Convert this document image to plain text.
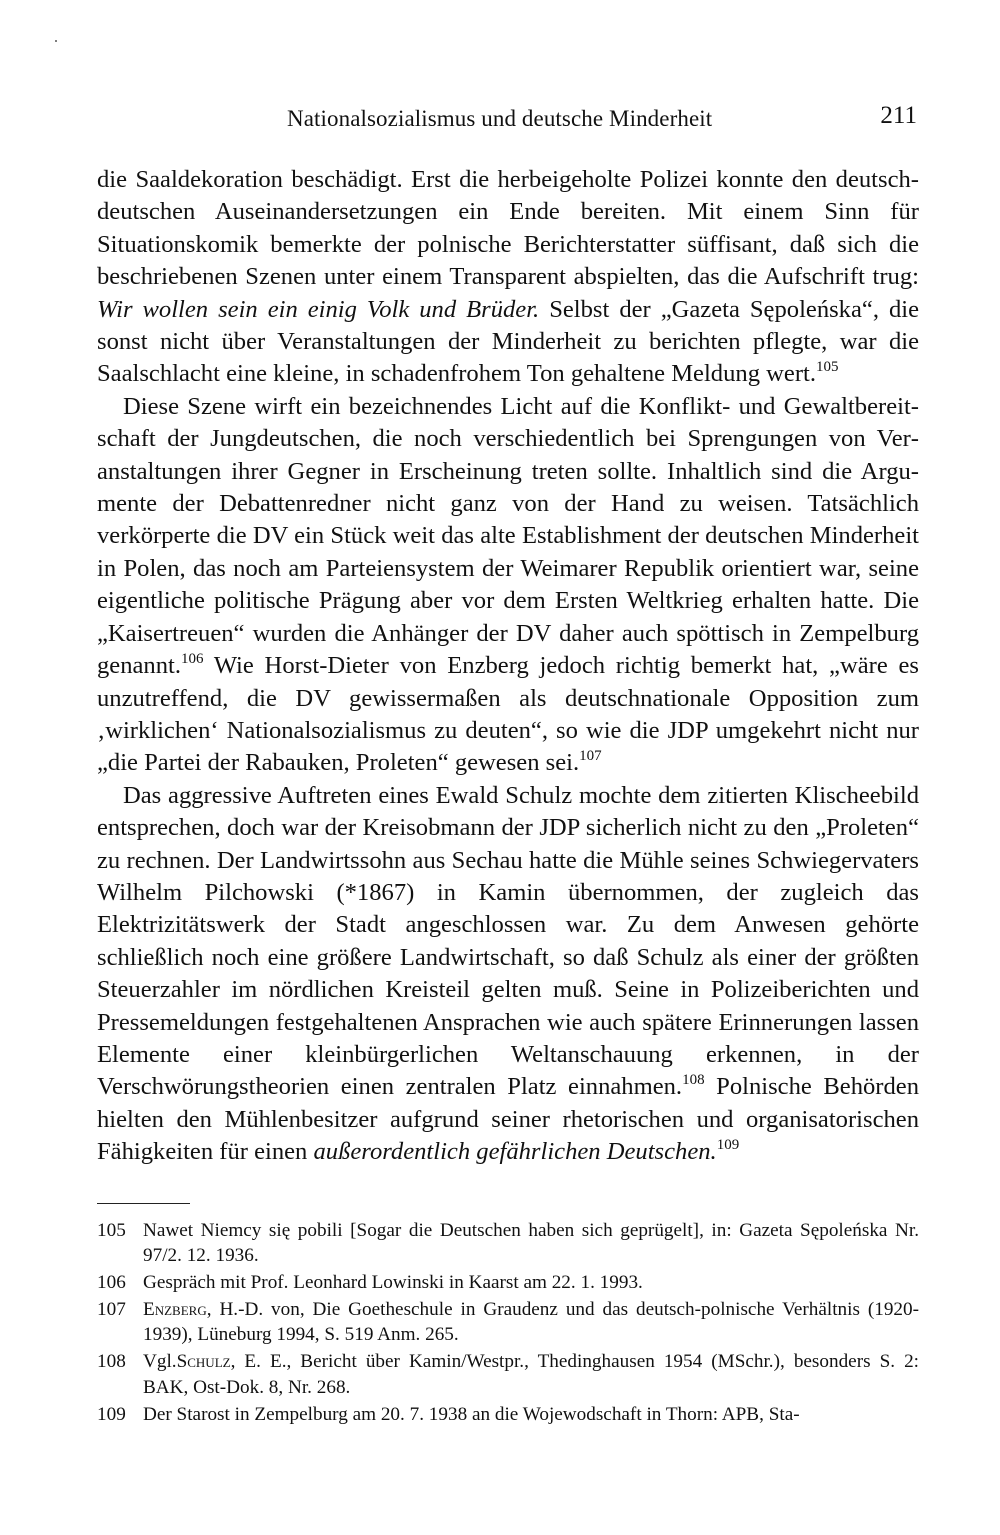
Nationalsozialismus und deutsche Minderheit	211

die Saaldekoration beschädigt. Erst die herbeigeholte Polizei konnte den deutsch-deutschen Auseinandersetzungen ein Ende bereiten. Mit einem Sinn für Situationskomik bemerkte der polnische Berichterstatter süffisant, daß sich die beschriebenen Szenen unter einem Transparent abspielten, das die Aufschrift trug: Wir wollen sein ein einig Volk und Brüder. Selbst der „Gazeta Sępoleńska“, die sonst nicht über Veranstaltungen der Minderheit zu berichten pflegte, war die Saalschlacht eine kleine, in schadenfrohem Ton gehaltene Meldung wert.$^{105}$

Diese Szene wirft ein bezeichnendes Licht auf die Konflikt- und Gewaltbereitschaft der Jungdeutschen, die noch verschiedentlich bei Sprengungen von Veranstaltungen ihrer Gegner in Erscheinung treten sollte. Inhaltlich sind die Argumente der Debattenredner nicht ganz von der Hand zu weisen. Tatsächlich verkörperte die DV ein Stück weit das alte Establishment der deutschen Minderheit in Polen, das noch am Parteiensystem der Weimarer Republik orientiert war, seine eigentliche politische Prägung aber vor dem Ersten Weltkrieg erhalten hatte. Die „Kaisertreuen“ wurden die Anhänger der DV daher auch spöttisch in Zempelburg genannt.$^{106}$ Wie Horst-Dieter von Enzberg jedoch richtig bemerkt hat, „wäre es unzutreffend, die DV gewissermaßen als deutschnationale Opposition zum ‚wirklichen‘ Nationalsozialismus zu deuten“, so wie die JDP umgekehrt nicht nur „die Partei der Rabauken, Proleten“ gewesen sei.$^{107}$

Das aggressive Auftreten eines Ewald Schulz mochte dem zitierten Klischeebild entsprechen, doch war der Kreisobmann der JDP sicherlich nicht zu den „Proleten“ zu rechnen. Der Landwirtssohn aus Sechau hatte die Mühle seines Schwiegervaters Wilhelm Pilchowski (*1867) in Kamin übernommen, der zugleich das Elektrizitätswerk der Stadt angeschlossen war. Zu dem Anwesen gehörte schließlich noch eine größere Landwirtschaft, so daß Schulz als einer der größten Steuerzahler im nördlichen Kreisteil gelten muß. Seine in Polizeiberichten und Pressemeldungen festgehaltenen Ansprachen wie auch spätere Erinnerungen lassen Elemente einer kleinbürgerlichen Weltanschauung erkennen, in der Verschwörungstheorien einen zentralen Platz einnahmen.$^{108}$ Polnische Behörden hielten den Mühlenbesitzer aufgrund seiner rhetorischen und organisatorischen Fähigkeiten für einen außerordentlich gefährlichen Deutschen.$^{109}$

105 Nawet Niemcy się pobili [Sogar die Deutschen haben sich geprügelt], in: Gazeta Sępoleńska Nr. 97/2. 12. 1936.
106 Gespräch mit Prof. Leonhard Lowinski in Kaarst am 22. 1. 1993.
107 Enzberg, H.-D. von, Die Goetheschule in Graudenz und das deutsch-polnische Verhältnis (1920-1939), Lüneburg 1994, S. 519 Anm. 265.
108 Vgl.Schulz, E. E., Bericht über Kamin/Westpr., Thedinghausen 1954 (MSchr.), besonders S. 2: BAK, Ost-Dok. 8, Nr. 268.
109 Der Starost in Zempelburg am 20. 7. 1938 an die Wojewodschaft in Thorn: APB, Sta-
